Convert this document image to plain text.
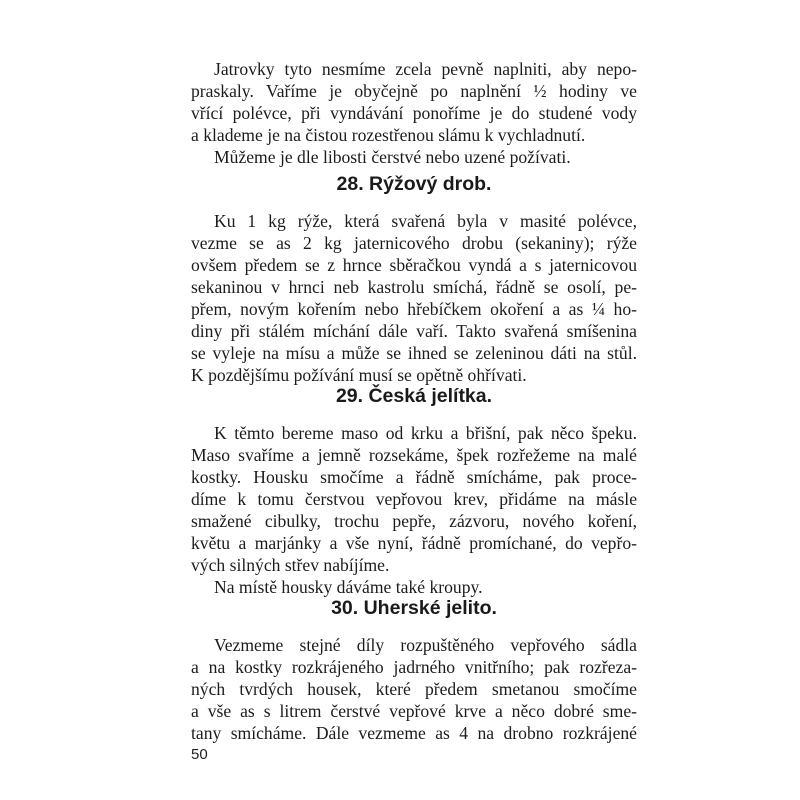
Jatrovky tyto nesmíme zcela pevně naplniti, aby nepo-
praskaly. Vaříme je obyčejně po naplnění ½ hodiny ve
vřící polévce, při vyndávání ponoříme je do studené vody
a klademe je na čistou rozestřenou slámu k vychladnutí.
Můžeme je dle libosti čerstvé nebo uzené požívati.
28. Rýžový drob.
Ku 1 kg rýže, která svařená byla v masité polévce,
vezme se as 2 kg jaternicového drobu (sekaniny); rýže
ovšem předem se z hrnce sběračkou vyndá a s jaternicovou
sekaninou v hrnci neb kastrolu smíchá, řádně se osolí, pe-
přem, novým kořením nebo hřebíčkem okoření a as ¼ ho-
diny při stálém míchání dále vaří. Takto svařená smíšenina
se vyleje na mísu a může se ihned se zeleninou dáti na stůl.
K pozdějšímu požívání musí se opětně ohřívati.
29. Česká jelítka.
K těmto bereme maso od krku a břišní, pak něco špeku.
Maso svaříme a jemně rozsekáme, špek rozřežeme na malé
kostky. Housku smočíme a řádně smícháme, pak proce-
díme k tomu čerstvou vepřovou krev, přidáme na másle
smažené cibulky, trochu pepře, zázvoru, nového koření,
květu a marjánky a vše nyní, řádně promíchané, do vepřo-
vých silných střev nabíjíme.
Na místě housky dáváme také kroupy.
30. Uherské jelito.
Vezmeme stejné díly rozpuštěného vepřového sádla
a na kostky rozkrájeného jadrného vnitřního; pak rozřeza-
ných tvrdých housek, které předem smetanou smočíme
a vše as s litrem čerstvé vepřové krve a něco dobré sme-
tany smícháme. Dále vezmeme as 4 na drobno rozkrájené
50
